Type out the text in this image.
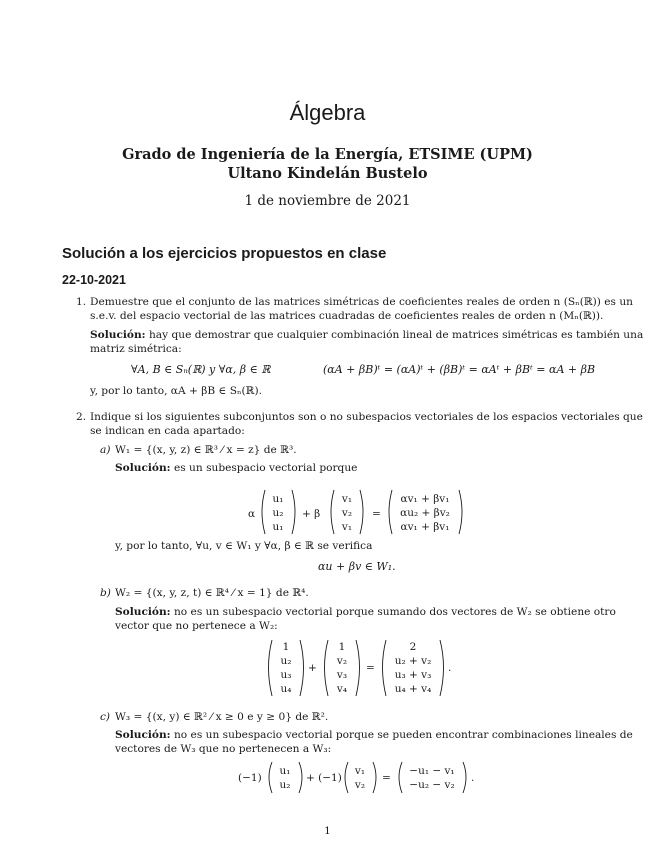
Álgebra
Grado de Ingeniería de la Energía, ETSIME (UPM)
Ultano Kindelán Bustelo
1 de noviembre de 2021
Solución a los ejercicios propuestos en clase
22-10-2021
1. Demuestre que el conjunto de las matrices simétricas de coeficientes reales de orden n (Sₙ(ℝ)) es un
s.e.v. del espacio vectorial de las matrices cuadradas de coeficientes reales de orden n (Mₙ(ℝ)).
Solución: hay que demostrar que cualquier combinación lineal de matrices simétricas es también una
matriz simétrica:
∀A, B ∈ Sₙ(ℝ) y ∀α, β ∈ ℝ	(αA + βB)ᵗ = (αA)ᵗ + (βB)ᵗ = αAᵗ + βBᵗ = αA + βB
y, por lo tanto, αA + βB ∈ Sₙ(ℝ).
2. Indique si los siguientes subconjuntos son o no subespacios vectoriales de los espacios vectoriales que
se indican en cada apartado:
a) W₁ = {(x, y, z) ∈ ℝ³ ⁄ x = z} de ℝ³.
Solución: es un subespacio vectorial porque
α
u₁
u₂
u₁
+ β
v₁
v₂
v₁
=
αv₁ + βv₁
αu₂ + βv₂
αv₁ + βv₁
1
u₂
u₃
u₄
+
1
v₂
v₃
v₄
=
2
u₂ + v₂
u₃ + v₃
u₄ + v₄
.
(−1)
u₁
u₂
+ (−1)
v₁
v₂
=
−u₁ − v₁
−u₂ − v₂
.
y, por lo tanto, ∀u, v ∈ W₁ y ∀α, β ∈ ℝ se verifica
αu + βv ∈ W₁.
b) W₂ = {(x, y, z, t) ∈ ℝ⁴ ⁄ x = 1} de ℝ⁴.
Solución: no es un subespacio vectorial porque sumando dos vectores de W₂ se obtiene otro
vector que no pertenece a W₂:
c) W₃ = {(x, y) ∈ ℝ² ⁄ x ≥ 0 e y ≥ 0} de ℝ².
Solución: no es un subespacio vectorial porque se pueden encontrar combinaciones lineales de
vectores de W₃ que no pertenecen a W₃:
1
